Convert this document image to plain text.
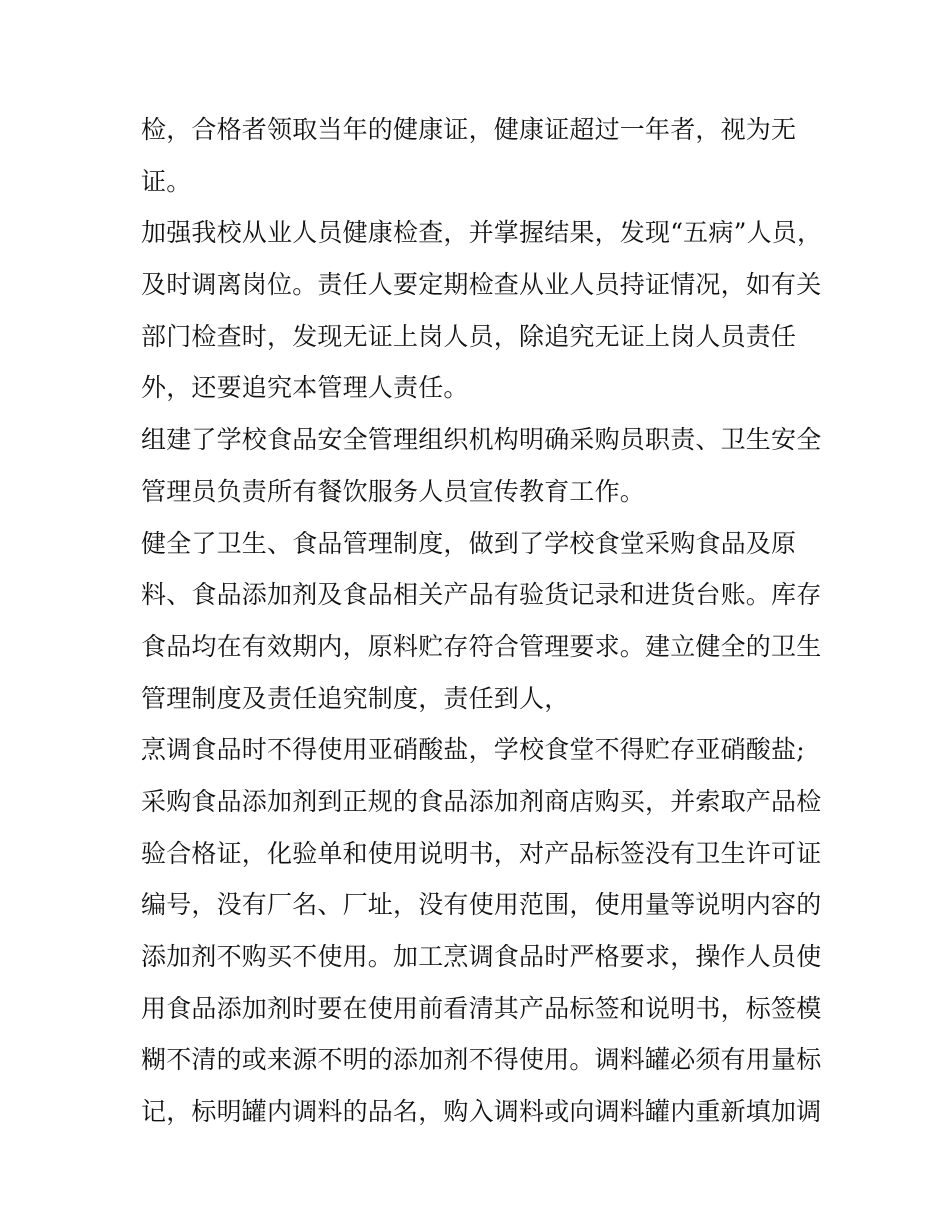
检，合格者领取当年的健康证，健康证超过一年者，视为无
证。
加强我校从业人员健康检查，并掌握结果，发现“五病”人员，
及时调离岗位。责任人要定期检查从业人员持证情况，如有关
部门检查时，发现无证上岗人员，除追究无证上岗人员责任
外，还要追究本管理人责任。
组建了学校食品安全管理组织机构明确采购员职责、卫生安全
管理员负责所有餐饮服务人员宣传教育工作。
健全了卫生、食品管理制度，做到了学校食堂采购食品及原
料、食品添加剂及食品相关产品有验货记录和进货台账。库存
食品均在有效期内，原料贮存符合管理要求。建立健全的卫生
管理制度及责任追究制度，责任到人，
烹调食品时不得使用亚硝酸盐，学校食堂不得贮存亚硝酸盐;
采购食品添加剂到正规的食品添加剂商店购买，并索取产品检
验合格证，化验单和使用说明书，对产品标签没有卫生许可证
编号，没有厂名、厂址，没有使用范围，使用量等说明内容的
添加剂不购买不使用。加工烹调食品时严格要求，操作人员使
用食品添加剂时要在使用前看清其产品标签和说明书，标签模
糊不清的或来源不明的添加剂不得使用。调料罐必须有用量标
记，标明罐内调料的品名，购入调料或向调料罐内重新填加调
